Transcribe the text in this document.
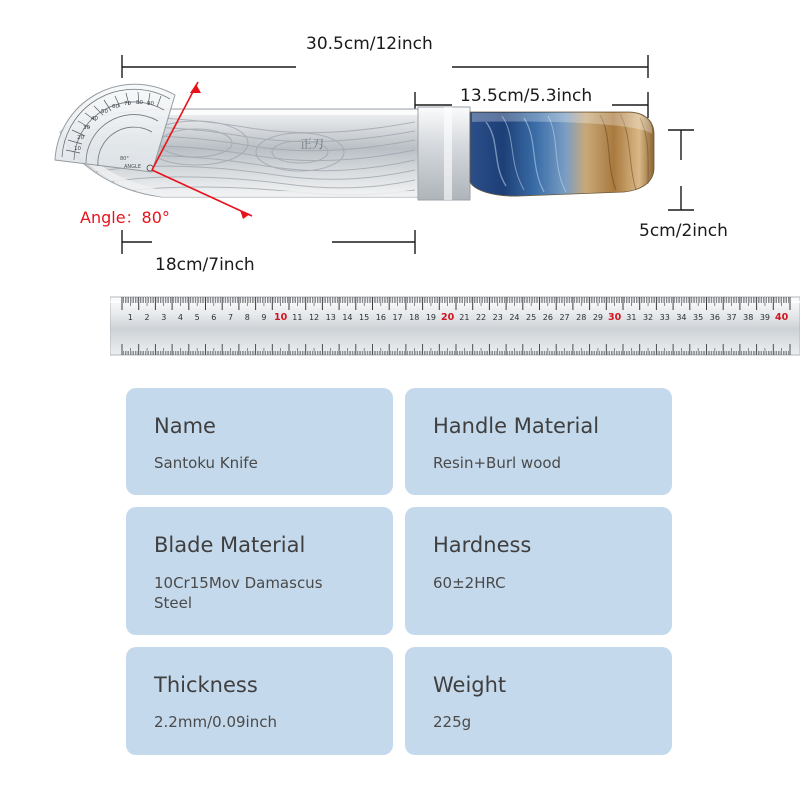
正刀
10
20
30
40
50
60 70 80 90
80°
ANGLE
30.5cm/12inch
13.5cm/5.3inch
18cm/7inch
5cm/2inch
Angle：80°
1 2 3 4 5 6 7 8 9 10 11 12 13 14 15 16 17 18 19 20 21 22 23 24 25 26 27 28 29 30 31 32 33 34 35 36 37 38 39 40
Name
Santoku Knife
Handle Material
Resin+Burl wood
Blade Material
10Cr15Mov Damascus Steel
Hardness
60±2HRC
Thickness
2.2mm/0.09inch
Weight
225g
